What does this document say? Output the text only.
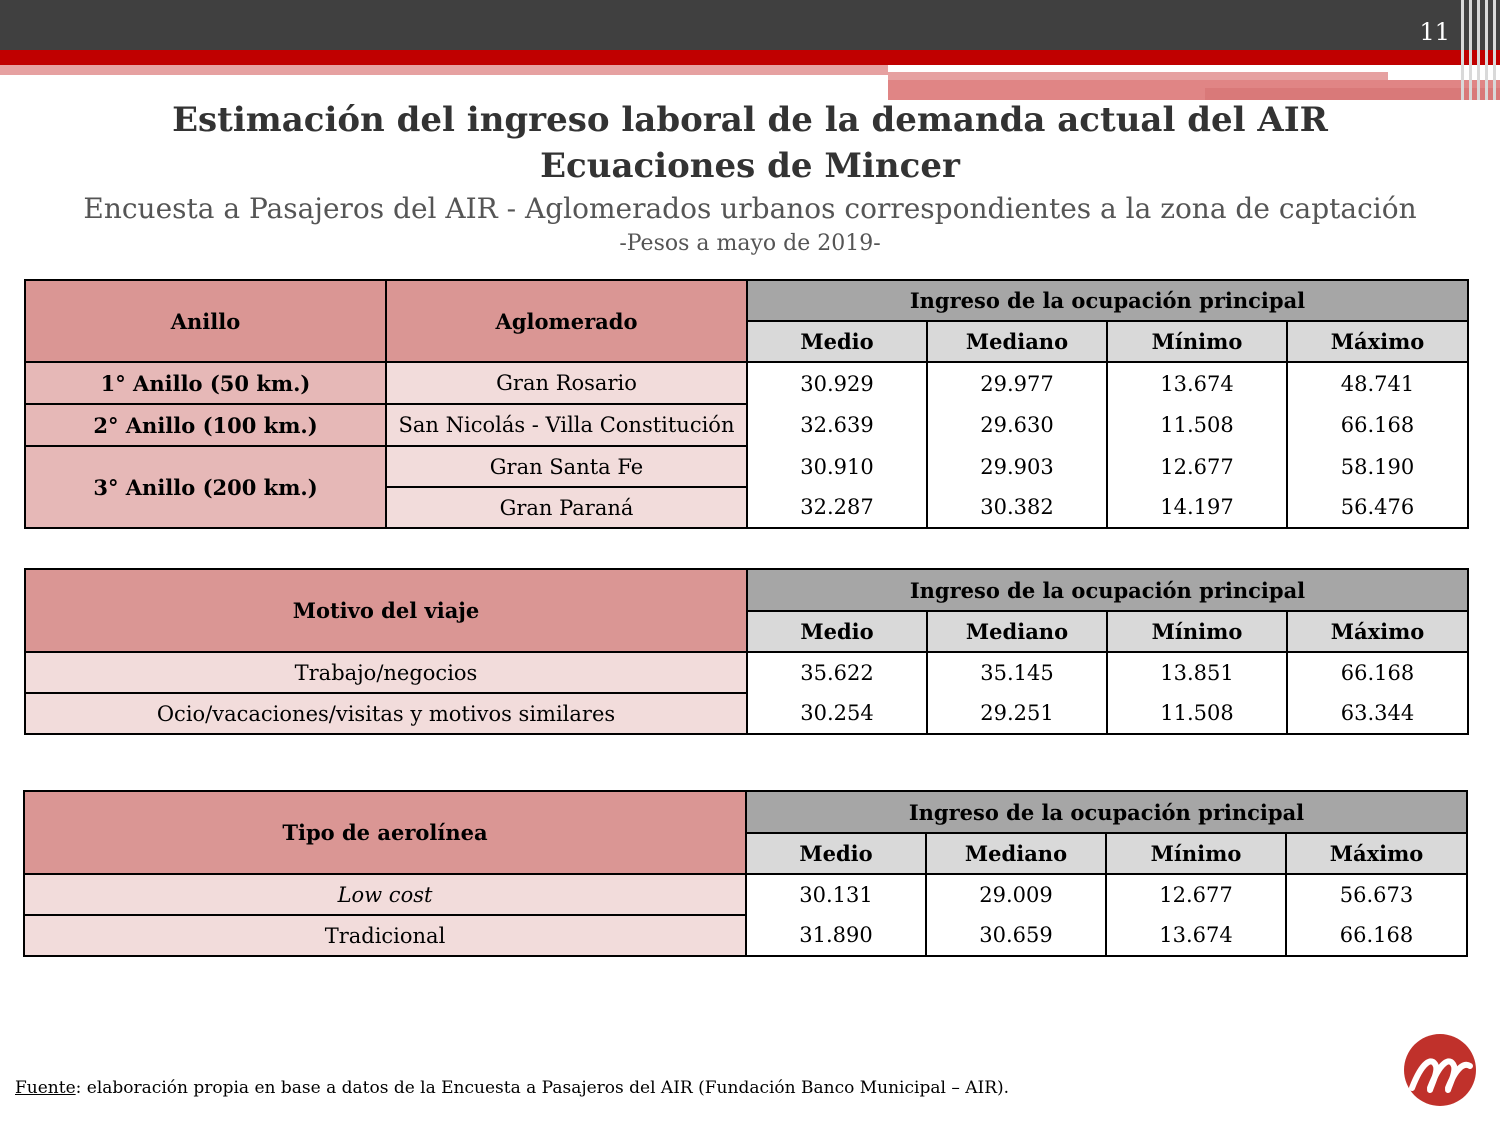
11
Estimación del ingreso laboral de la demanda actual del AIR
Ecuaciones de Mincer
Encuesta a Pasajeros del AIR - Aglomerados urbanos correspondientes a la zona de captación
-Pesos a mayo de 2019-
Anillo	Aglomerado	Ingreso de la ocupación principal			
		Medio	Mediano	Mínimo	Máximo
1° Anillo (50 km.)	Gran Rosario	30.929	29.977	13.674	48.741
2° Anillo (100 km.)	San Nicolás - Villa Constitución	32.639	29.630	11.508	66.168
3° Anillo (200 km.)	Gran Santa Fe	30.910	29.903	12.677	58.190
	Gran Paraná	32.287	30.382	14.197	56.476
Motivo del viaje	Ingreso de la ocupación principal			
	Medio	Mediano	Mínimo	Máximo
Trabajo/negocios	35.622	35.145	13.851	66.168
Ocio/vacaciones/visitas y motivos similares	30.254	29.251	11.508	63.344
Tipo de aerolínea	Ingreso de la ocupación principal			
	Medio	Mediano	Mínimo	Máximo
Low cost	30.131	29.009	12.677	56.673
Tradicional	31.890	30.659	13.674	66.168
Fuente: elaboración propia en base a datos de la Encuesta a Pasajeros del AIR (Fundación Banco Municipal – AIR).
